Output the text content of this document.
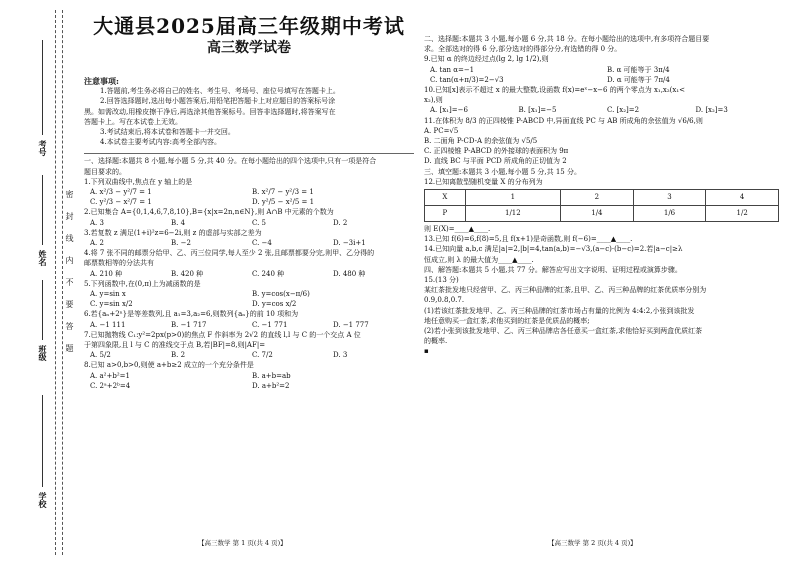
密封线内不要答题
考号
姓名
班级
学校
大通县2025届高三年级期中考试
高三数学试卷

注意事项:

1.答题前,考生务必将自己的姓名、考生号、考场号、座位号填写在答题卡上。

2.回答选择题时,选出每小题答案后,用铅笔把答题卡上对应题目的答案标号涂

黑。如需改动,用橡皮擦干净后,再选涂其他答案标号。回答非选择题时,将答案写在

答题卡上。写在本试卷上无效。

3.考试结束后,将本试卷和答题卡一并交回。

4.本试卷主要考试内容:高考全部内容。

一、选择题:本题共 8 小题,每小题 5 分,共 40 分。在每小题给出的四个选项中,只有一项是符合

题目要求的。

1.下列双曲线中,焦点在 y 轴上的是

A. x²/3 − y²/7 = 1	B. x²/7 − y²/3 = 1
C. y²/3 − x²/7 = 1	D. y²/5 − x²/5 = 1

2.已知集合 A={0,1,4,6,7,8,10},B={x|x=2n,n∈N},则 A∩B 中元素的个数为

A. 3	B. 4	C. 5	D. 2

3.若复数 z 满足(1+i)²z=6−2i,则 z 的虚部与实部之差为

A. 2	B. −2	C. −4	D. −3i+1

4.将 7 张不同的邮票分给甲、乙、丙三位同学,每人至少 2 张,且邮票都要分完,则甲、乙分得的

邮票数相等的分法共有

A. 210 种	B. 420 种	C. 240 种	D. 480 种

5.下列函数中,在(0,π)上为减函数的是

A. y=sin x	B. y=cos(x−π/6)
C. y=sin x/2	D. y=cos x/2

6.若{aₙ+2ⁿ}是等差数列,且 a₁=3,a₂=6,则数列{aₙ}的前 10 项和为

A. −1 111	B. −1 717	C. −1 771	D. −1 777

7.已知抛物线 C₁:y²=2px(p>0)的焦点 F 作斜率为 2√2 的直线 l,l 与 C 的一个交点 A 位

于第四象限,且 l 与 C 的准线交于点 B,若|BF|=8,则|AF|=

A. 5/2	B. 2	C. 7/2	D. 3

8.已知 a>0,b>0,则使 a+b≥2 成立的一个充分条件是

A. a²+b²=1	B. a+b=ab
C. 2ᵃ+2ᵇ=4	D. a+b²=2

二、选择题:本题共 3 小题,每小题 6 分,共 18 分。在每小题给出的选项中,有多项符合题目要

求。全部选对的得 6 分,部分选对的得部分分,有选错的得 0 分。

9.已知 α 的终边经过点(lg 2, lg 1/2),则

A. tan α=−1	B. α 可能等于 3π/4
C. tan(α+π/3)=2−√3	D. α 可能等于 7π/4

10.已知[x]表示不超过 x 的最大整数,设函数 f(x)=eˣ−x−6 的两个零点为 x₁,x₂(x₁<

x₂),则

A. [x₁]=−6	B. [x₁]=−5	C. [x₂]=2	D. [x₂]=3

11.在体积为 8/3 的正四棱锥 P-ABCD 中,异面直线 PC 与 AB 所成角的余弦值为 √6/6,则

A. PC=√5

B. 二面角 P-CD-A 的余弦值为 √5/5

C. 正四棱锥 P-ABCD 的外接球的表面积为 9π

D. 直线 BC 与平面 PCD 所成角的正切值为 2

三、填空题:本题共 3 小题,每小题 5 分,共 15 分。

12.已知离散型随机变量 X 的分布列为

X	1	2	3	4
P	1/12	1/4	1/6	1/2

则 E(X)=____▲____.

13.已知 f(6)=6,f(8)=5,且 f(x+1)是奇函数,则 f(−6)=____▲____.

14.已知向量 a,b,c 满足|a|=2,|b|=4,tan⟨a,b⟩=−√3,(a−c)·(b−c)=2.若|a−c|≥λ

恒成立,则 λ 的最大值为____▲____.

四、解答题:本题共 5 小题,共 77 分。解答应写出文字说明、证明过程或演算步骤。

15.(13 分)

某红茶批发地只经营甲、乙、丙三种品牌的红茶,且甲、乙、丙三种品牌的红茶优质率分别为

0.9,0.8,0.7.

(1)若该红茶批发地甲、乙、丙三种品牌的红茶市场占有量的比例为 4:4:2,小张到该批发

地任意购买一盒红茶,求他买到的红茶是优质品的概率;

(2)若小张到该批发地甲、乙、丙三种品牌店各任意买一盒红茶,求他恰好买到两盒优质红茶

的概率.

▪

【高三数学 第 1 页(共 4 页)】	【高三数学 第 2 页(共 4 页)】
